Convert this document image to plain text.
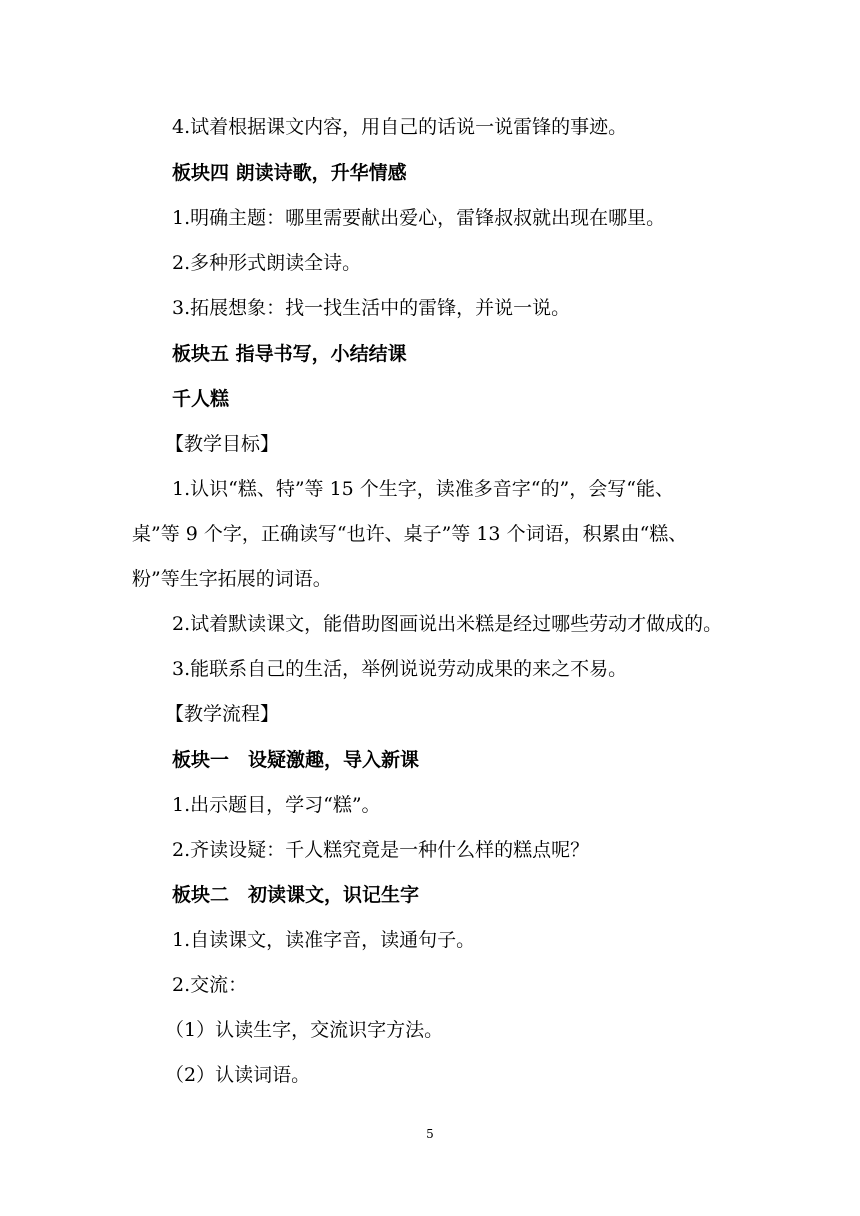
4.试着根据课文内容，用自己的话说一说雷锋的事迹。
板块四 朗读诗歌，升华情感
1.明确主题：哪里需要献出爱心，雷锋叔叔就出现在哪里。
2.多种形式朗读全诗。
3.拓展想象：找一找生活中的雷锋，并说一说。
板块五 指导书写，小结结课
千人糕
【教学目标】
1.认识“糕、特”等 15 个生字，读准多音字“的”，会写“能、
桌”等 9 个字，正确读写“也许、桌子”等 13 个词语，积累由“糕、
粉”等生字拓展的词语。
2.试着默读课文，能借助图画说出米糕是经过哪些劳动才做成的。
3.能联系自己的生活，举例说说劳动成果的来之不易。
【教学流程】
板块一　设疑激趣，导入新课
1.出示题目，学习“糕”。
2.齐读设疑：千人糕究竟是一种什么样的糕点呢？
板块二　初读课文，识记生字
1.自读课文，读准字音，读通句子。
2.交流：
（1）认读生字，交流识字方法。
（2）认读词语。
5
